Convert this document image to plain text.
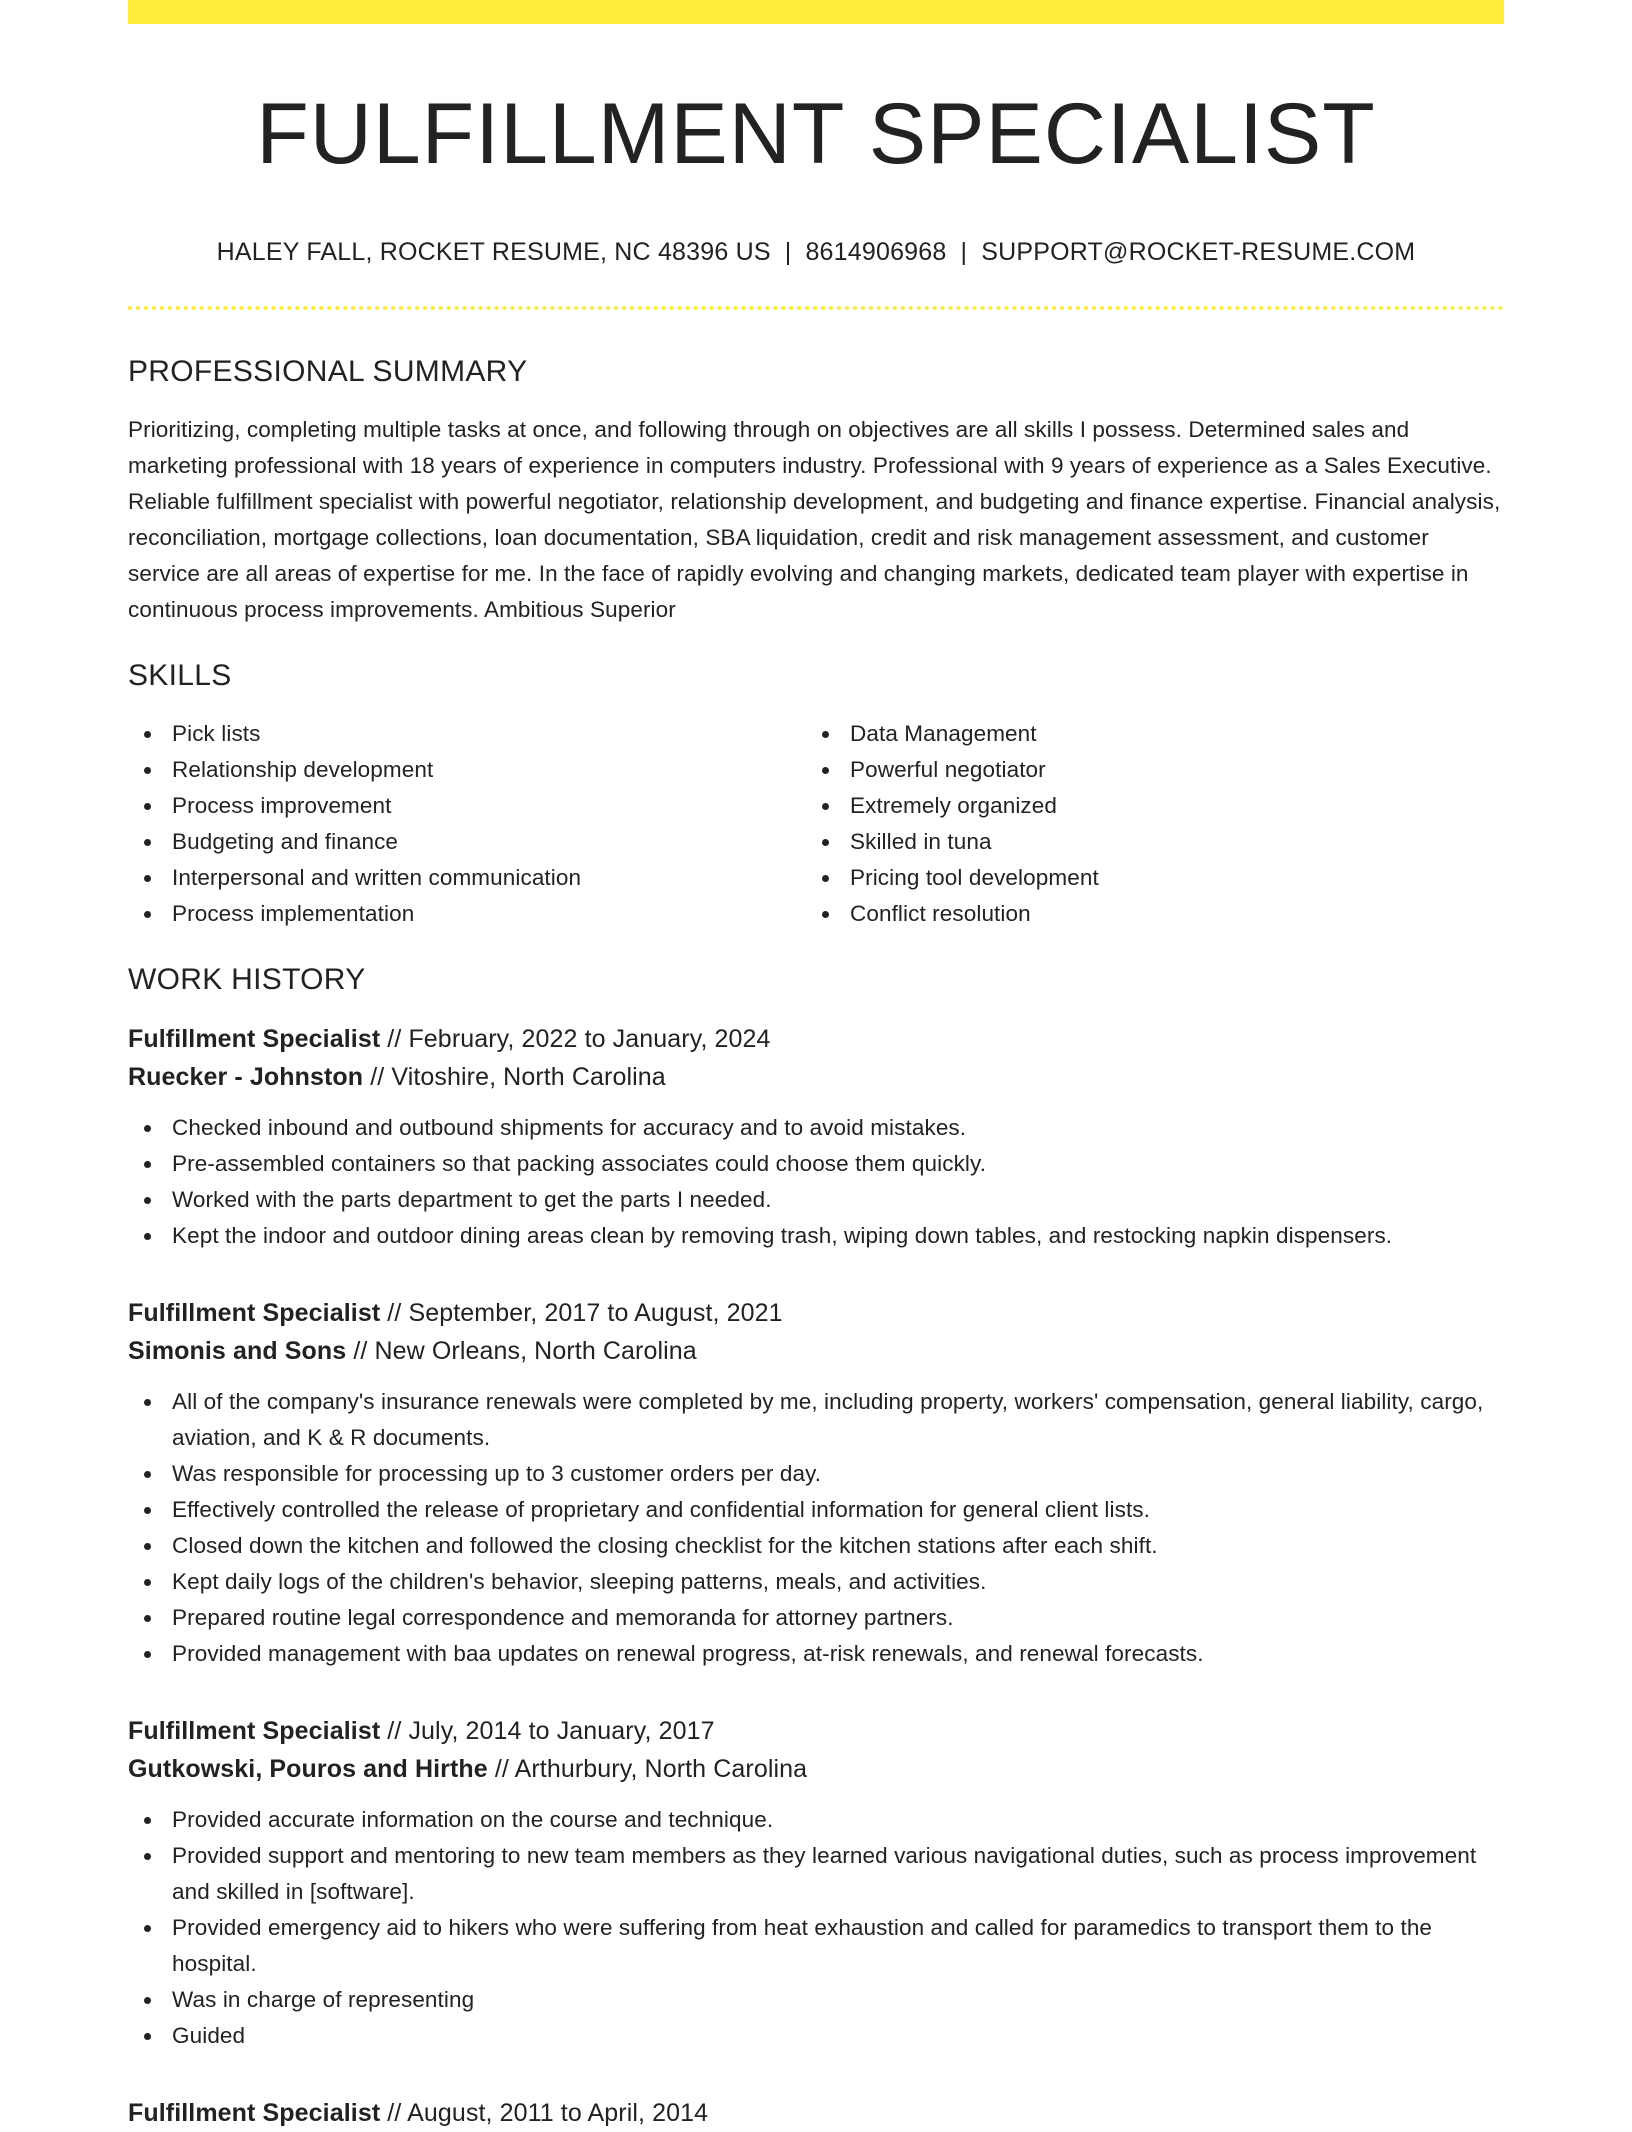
FULFILLMENT SPECIALIST
HALEY FALL, ROCKET RESUME, NC 48396 US | 8614906968 | SUPPORT@ROCKET-RESUME.COM
PROFESSIONAL SUMMARY
Prioritizing, completing multiple tasks at once, and following through on objectives are all skills I possess. Determined sales and marketing professional with 18 years of experience in computers industry. Professional with 9 years of experience as a Sales Executive. Reliable fulfillment specialist with powerful negotiator, relationship development, and budgeting and finance expertise. Financial analysis, reconciliation, mortgage collections, loan documentation, SBA liquidation, credit and risk management assessment, and customer service are all areas of expertise for me. In the face of rapidly evolving and changing markets, dedicated team player with expertise in continuous process improvements. Ambitious Superior
SKILLS
Pick lists
Relationship development
Process improvement
Budgeting and finance
Interpersonal and written communication
Process implementation
Data Management
Powerful negotiator
Extremely organized
Skilled in tuna
Pricing tool development
Conflict resolution
WORK HISTORY
Fulfillment Specialist // February, 2022 to January, 2024
Ruecker - Johnston // Vitoshire, North Carolina
Checked inbound and outbound shipments for accuracy and to avoid mistakes.
Pre-assembled containers so that packing associates could choose them quickly.
Worked with the parts department to get the parts I needed.
Kept the indoor and outdoor dining areas clean by removing trash, wiping down tables, and restocking napkin dispensers.
Fulfillment Specialist // September, 2017 to August, 2021
Simonis and Sons // New Orleans, North Carolina
All of the company's insurance renewals were completed by me, including property, workers' compensation, general liability, cargo, aviation, and K & R documents.
Was responsible for processing up to 3 customer orders per day.
Effectively controlled the release of proprietary and confidential information for general client lists.
Closed down the kitchen and followed the closing checklist for the kitchen stations after each shift.
Kept daily logs of the children's behavior, sleeping patterns, meals, and activities.
Prepared routine legal correspondence and memoranda for attorney partners.
Provided management with baa updates on renewal progress, at-risk renewals, and renewal forecasts.
Fulfillment Specialist // July, 2014 to January, 2017
Gutkowski, Pouros and Hirthe // Arthurbury, North Carolina
Provided accurate information on the course and technique.
Provided support and mentoring to new team members as they learned various navigational duties, such as process improvement and skilled in [software].
Provided emergency aid to hikers who were suffering from heat exhaustion and called for paramedics to transport them to the hospital.
Was in charge of representing
Guided
Fulfillment Specialist // August, 2011 to April, 2014
